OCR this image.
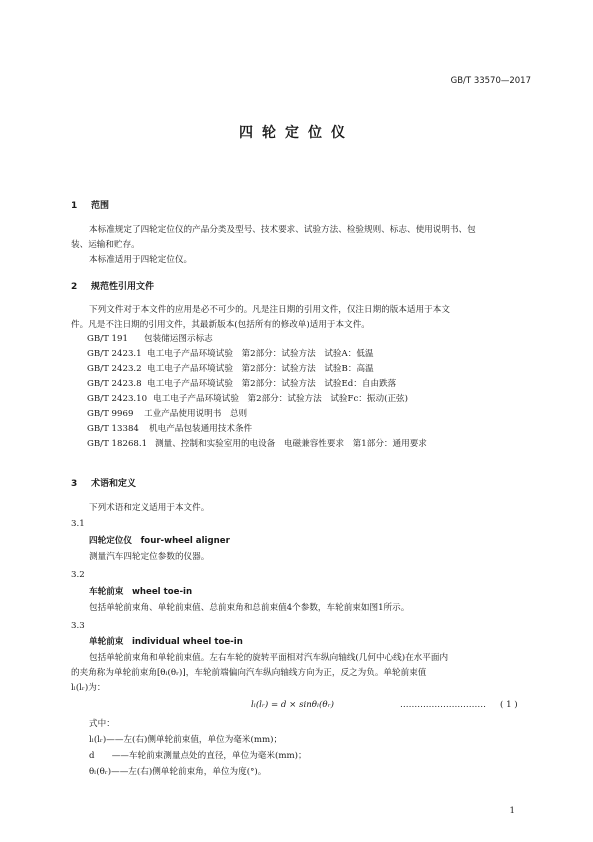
GB/T 33570—2017
四轮定位仪
1 范围
本标准规定了四轮定位仪的产品分类及型号、技术要求、试验方法、检验规则、标志、使用说明书、包
装、运输和贮存。
本标准适用于四轮定位仪。
2 规范性引用文件
下列文件对于本文件的应用是必不可少的。凡是注日期的引用文件，仅注日期的版本适用于本文
件。凡是不注日期的引用文件，其最新版本(包括所有的修改单)适用于本文件。
GB/T 191 包装储运图示标志
GB/T 2423.1 电工电子产品环境试验　第2部分：试验方法　试验A：低温
GB/T 2423.2 电工电子产品环境试验　第2部分：试验方法　试验B：高温
GB/T 2423.8 电工电子产品环境试验　第2部分：试验方法　试验Ed：自由跌落
GB/T 2423.10 电工电子产品环境试验　第2部分：试验方法　试验Fc：振动(正弦)
GB/T 9969 工业产品使用说明书　总则
GB/T 13384 机电产品包装通用技术条件
GB/T 18268.1 测量、控制和实验室用的电设备　电磁兼容性要求　第1部分：通用要求
3 术语和定义
下列术语和定义适用于本文件。
3.1
四轮定位仪　four-wheel aligner
测量汽车四轮定位参数的仪器。
3.2
车轮前束　wheel toe-in
包括单轮前束角、单轮前束值、总前束角和总前束值4个参数，车轮前束如图1所示。
3.3
单轮前束　individual wheel toe-in
包括单轮前束角和单轮前束值。左右车轮的旋转平面相对汽车纵向轴线(几何中心线)在水平面内
的夹角称为单轮前束角[θₗ(θᵣ)]，车轮前端偏向汽车纵向轴线方向为正，反之为负。单轮前束值
lₗ(lᵣ)为：
lₗ(lᵣ) = d × sinθₗ(θᵣ)	………………………… ( 1 )
式中：
lₗ(lᵣ)——左(右)侧单轮前束值，单位为毫米(mm)；
d　　——车轮前束测量点处的直径，单位为毫米(mm)；
θₗ(θᵣ)——左(右)侧单轮前束角，单位为度(°)。
1
